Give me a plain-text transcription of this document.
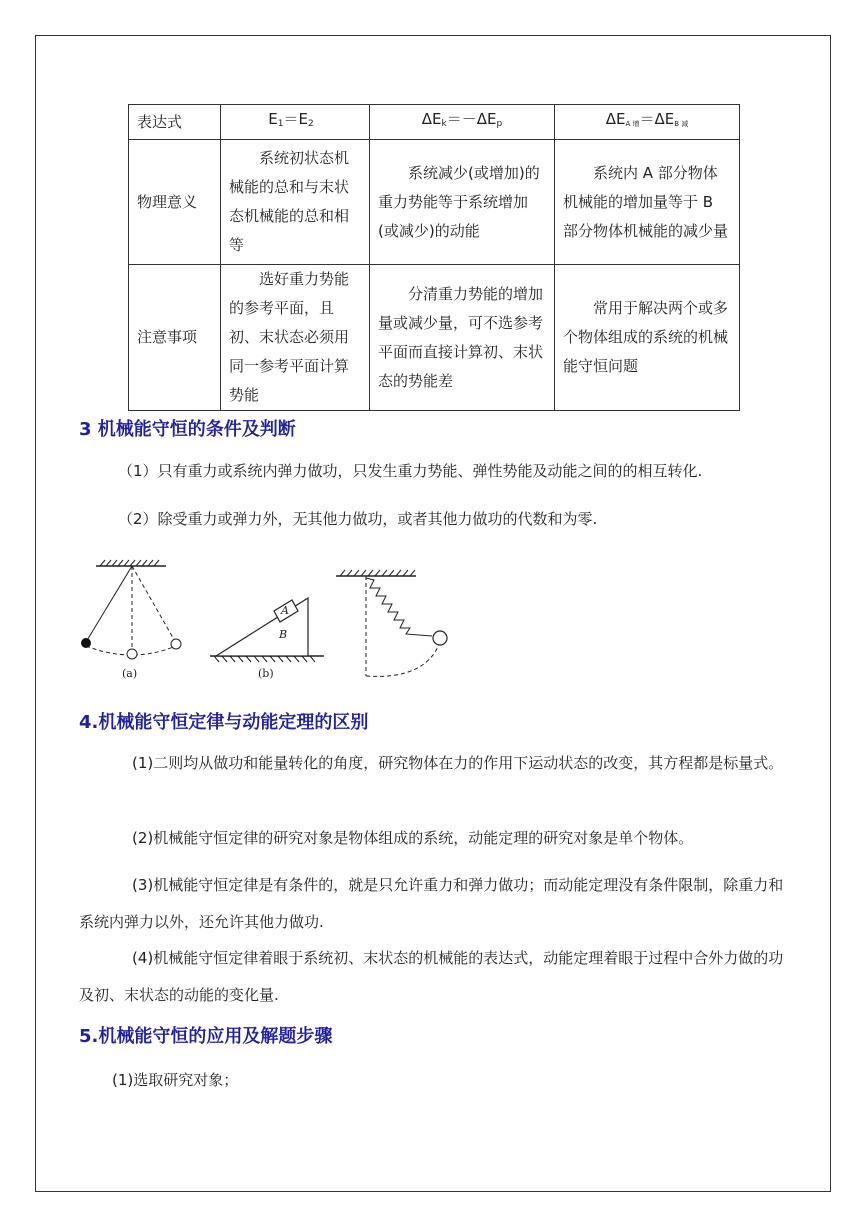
表达式	$E_1=E_2$	$\Delta E_k=-\Delta E_p$	ΔEA 增＝ΔEB 减
物理意义	系统初状态机械能的总和与末状态机械能的总和相等	系统减少(或增加)的重力势能等于系统增加(或减少)的动能	系统内 A 部分物体机械能的增加量等于 B 部分物体机械能的减少量

注意事项	选好重力势能的参考平面，且初、末状态必须用同一参考平面计算势能	分清重力势能的增加量或减少量，可不选参考平面而直接计算初、末状态的势能差	常用于解决两个或多个物体组成的系统的机械能守恒问题
3 机械能守恒的条件及判断

（1）只有重力或系统内弹力做功，只发生重力势能、弹性势能及动能之间的的相互转化.

（2）除受重力或弹力外，无其他力做功，或者其他力做功的代数和为零.

(a)
A
B
(b)
4.机械能守恒定律与动能定理的区别

(1)二则均从做功和能量转化的角度，研究物体在力的作用下运动状态的改变，其方程都是标量式。

(2)机械能守恒定律的研究对象是物体组成的系统，动能定理的研究对象是单个物体。

(3)机械能守恒定律是有条件的，就是只允许重力和弹力做功；而动能定理没有条件限制，除重力和系统内弹力以外，还允许其他力做功.

(4)机械能守恒定律着眼于系统初、末状态的机械能的表达式，动能定理着眼于过程中合外力做的功及初、末状态的动能的变化量.

5.机械能守恒的应用及解题步骤

(1)选取研究对象；
